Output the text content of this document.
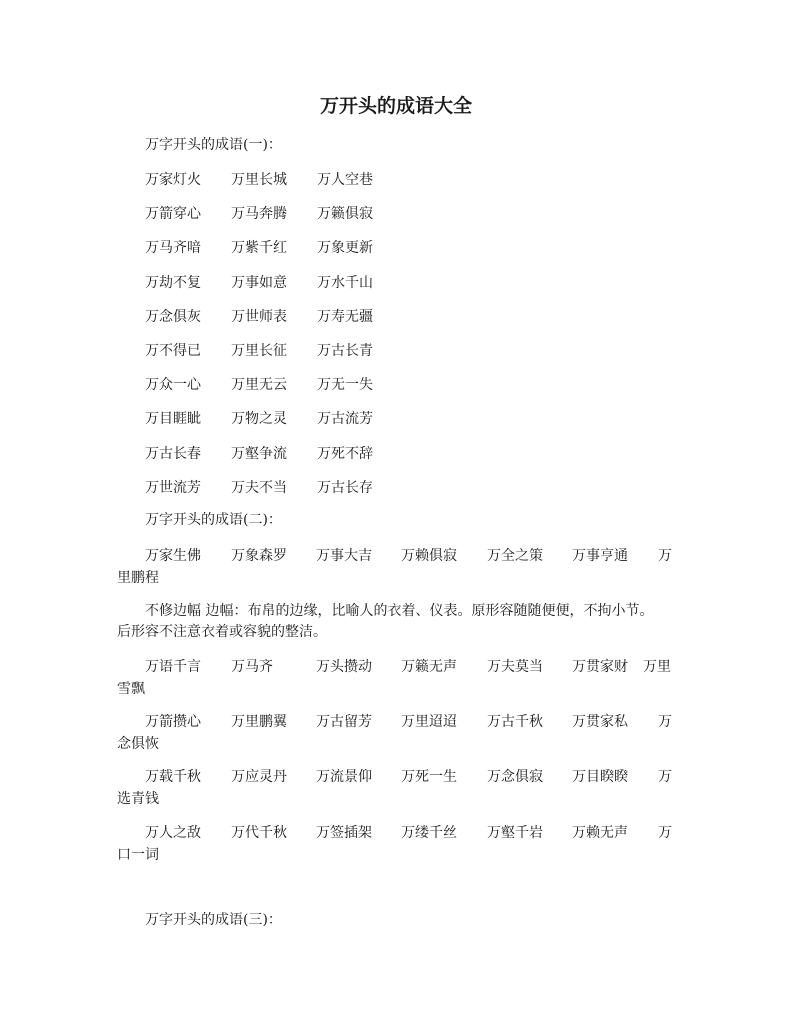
万开头的成语大全
万字开头的成语(一)：
万家灯火 万里长城 万人空巷
万箭穿心 万马奔腾 万籁俱寂
万马齐喑 万紫千红 万象更新
万劫不复 万事如意 万水千山
万念俱灰 万世师表 万寿无疆
万不得已 万里长征 万古长青
万众一心 万里无云 万无一失
万目睚眦 万物之灵 万古流芳
万古长春 万壑争流 万死不辞
万世流芳 万夫不当 万古长存
万字开头的成语(二)：
万家生佛 万象森罗 万事大吉 万赖俱寂 万全之策 万事亨通 万
里鹏程
不修边幅 边幅：布帛的边缘，比喻人的衣着、仪表。原形容随随便便，不拘小节。
后形容不注意衣着或容貌的整洁。
万语千言 万马齐	万头攒动 万籁无声 万夫莫当 万贯家财 万里
雪飘
万箭攒心 万里鹏翼 万古留芳 万里迢迢 万古千秋 万贯家私 万
念俱恢
万载千秋 万应灵丹 万流景仰 万死一生 万念俱寂 万目睽睽 万
选青钱
万人之敌 万代千秋 万签插架 万缕千丝 万壑千岩 万赖无声 万
口一词
万字开头的成语(三)：
